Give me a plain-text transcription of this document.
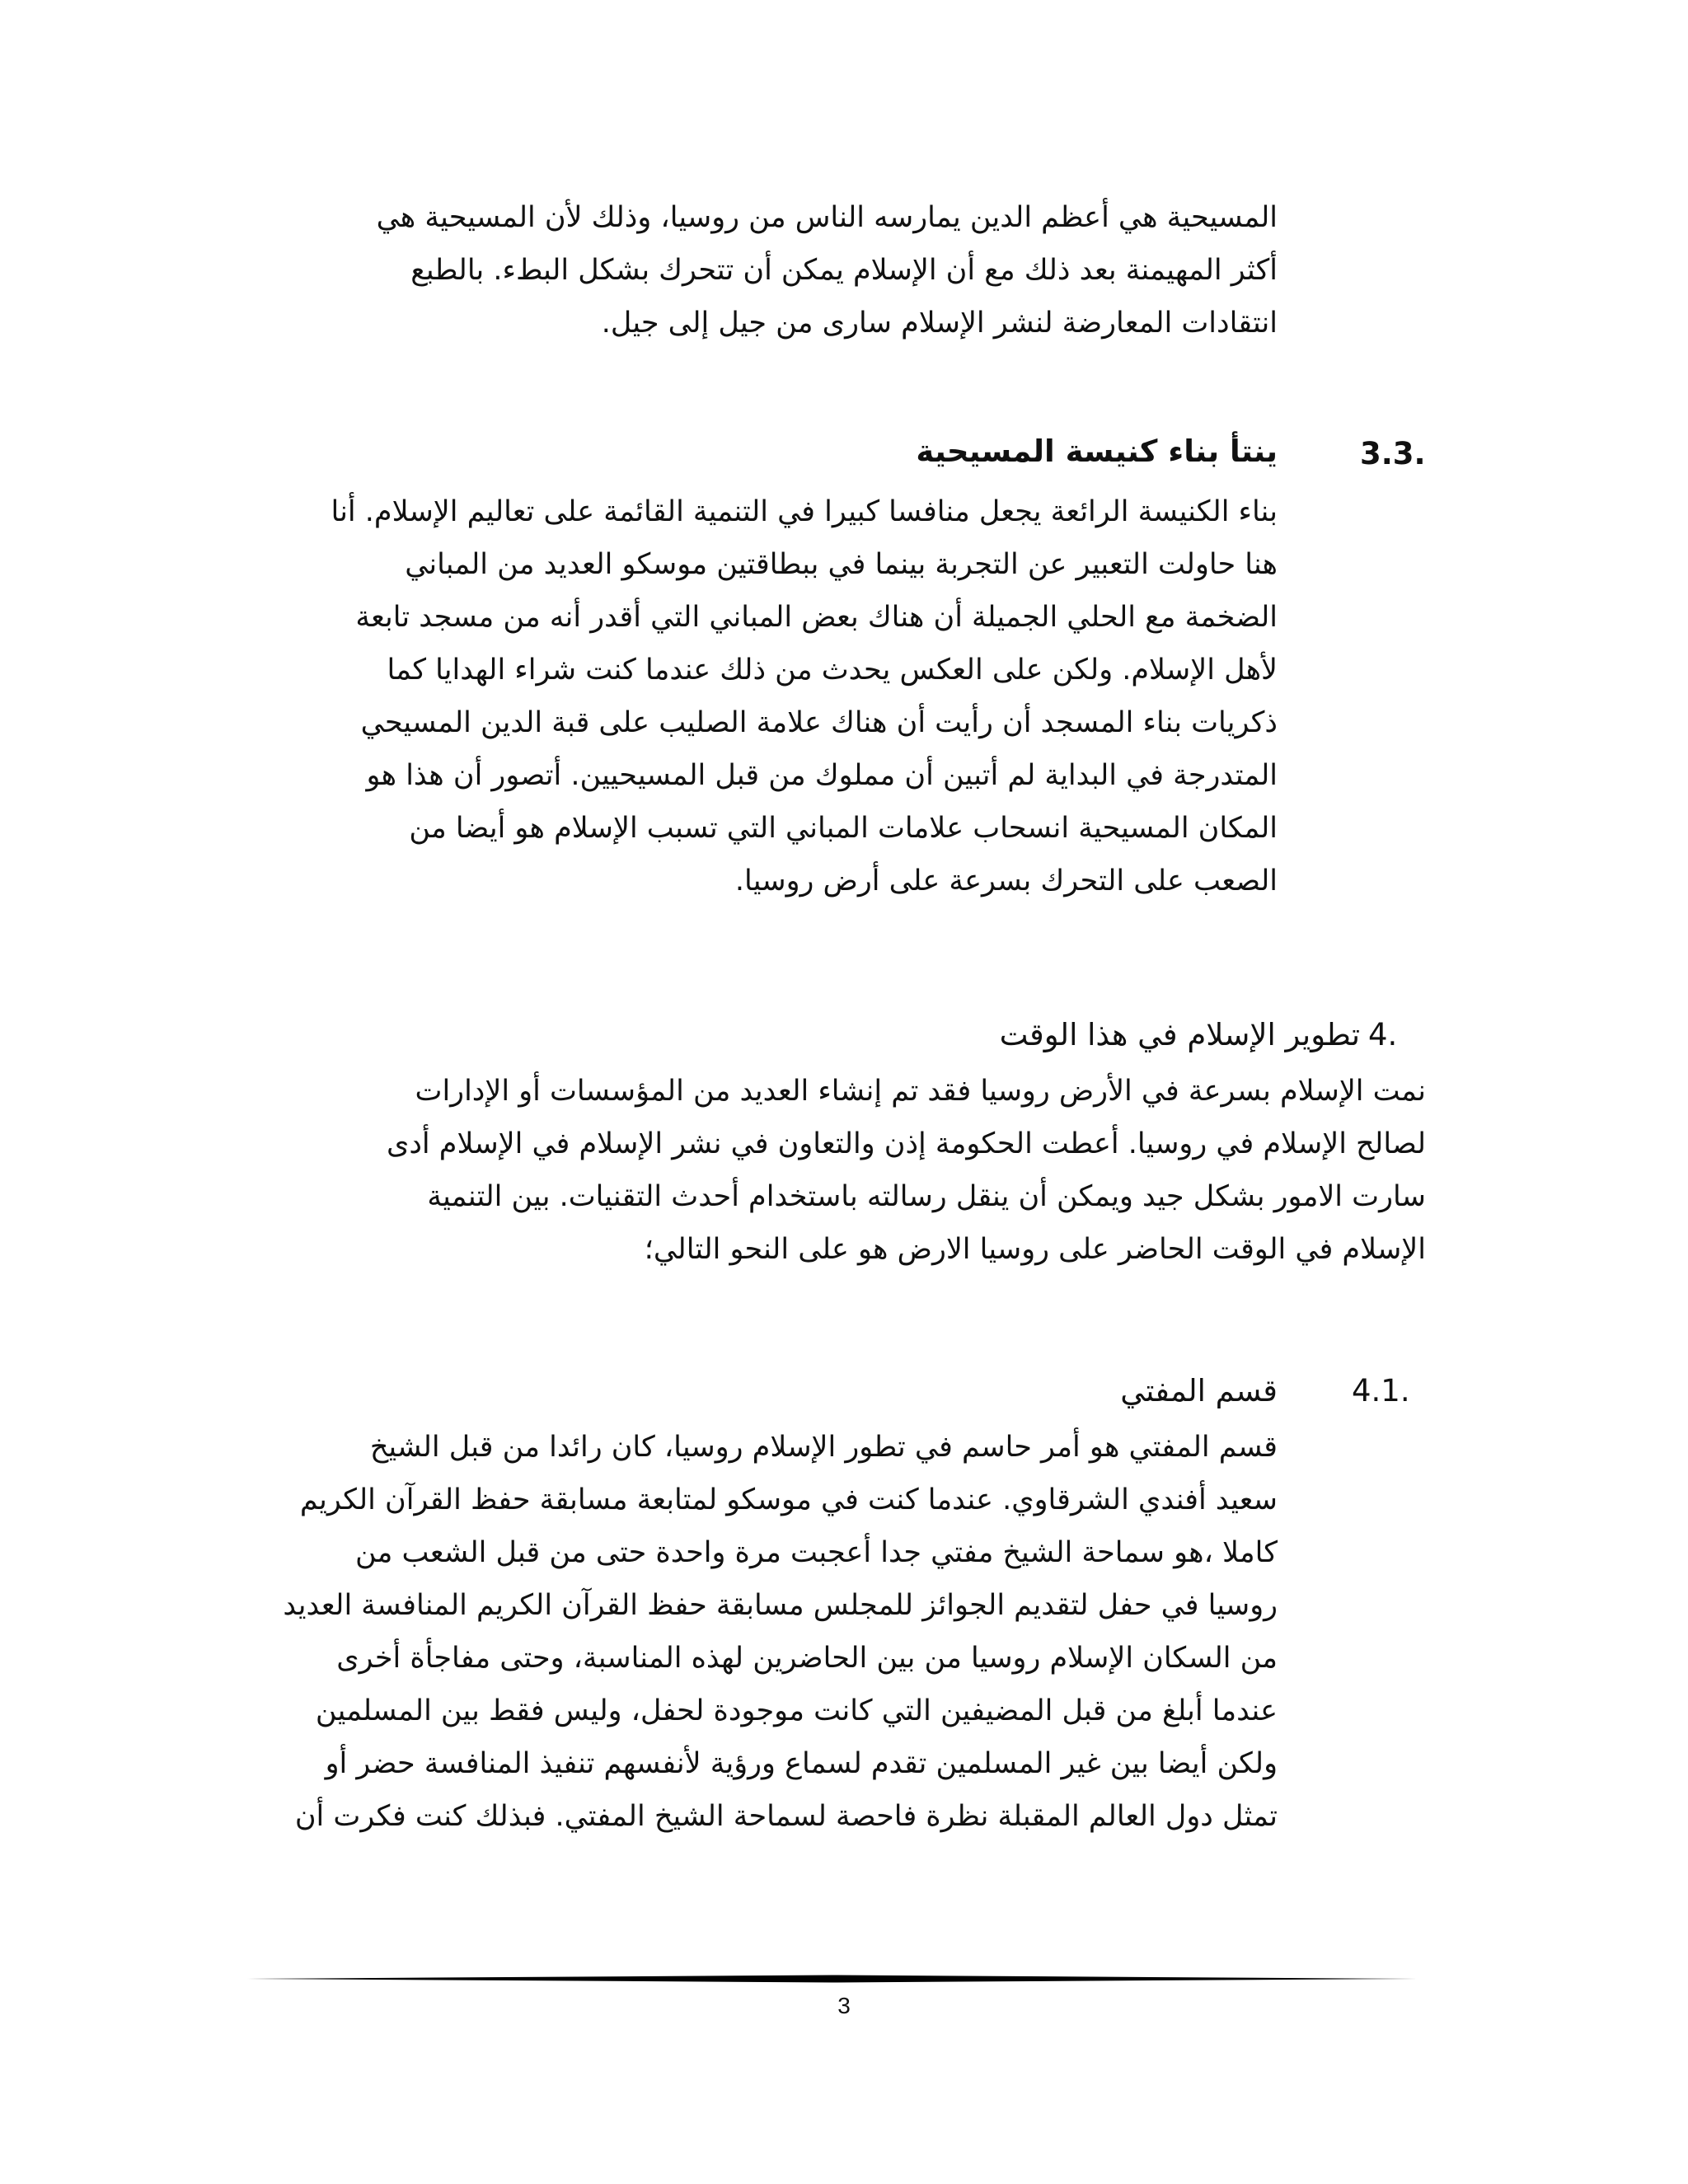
المسيحية هي أعظم الدين يمارسه الناس من روسيا، وذلك لأن المسيحية هي
أكثر المهيمنة بعد ذلك مع أن الإسلام يمكن أن تتحرك بشكل البطء. بالطبع
انتقادات المعارضة لنشر الإسلام سارى من جيل إلى جيل.
3.3.
ينتأ بناء كنيسة المسيحية
بناء الكنيسة الرائعة يجعل منافسا كبيرا في التنمية القائمة على تعاليم الإسلام. أنا
هنا حاولت التعبير عن التجربة بينما في ببطاقتين موسكو العديد من المباني
الضخمة مع الحلي الجميلة أن هناك بعض المباني التي أقدر أنه من مسجد تابعة
لأهل الإسلام. ولكن على العكس يحدث من ذلك عندما كنت شراء الهدايا كما
ذكريات بناء المسجد أن رأيت أن هناك علامة الصليب على قبة الدين المسيحي
المتدرجة في البداية لم أتبين أن مملوك من قبل المسيحيين. أتصور أن هذا هو
المكان المسيحية انسحاب علامات المباني التي تسبب الإسلام هو أيضا من
الصعب على التحرك بسرعة على أرض روسيا.
4.
تطوير الإسلام في هذا الوقت
نمت الإسلام بسرعة في الأرض روسيا فقد تم إنشاء العديد من المؤسسات أو الإدارات
لصالح الإسلام في روسيا. أعطت الحكومة إذن والتعاون في نشر الإسلام في الإسلام أدى
سارت الامور بشكل جيد ويمكن أن ينقل رسالته باستخدام أحدث التقنيات. بين التنمية
الإسلام في الوقت الحاضر على روسيا الارض هو على النحو التالي؛
4.1.
قسم المفتي
قسم المفتي هو أمر حاسم في تطور الإسلام روسيا، كان رائدا من قبل الشيخ
سعيد أفندي الشرقاوي. عندما كنت في موسكو لمتابعة مسابقة حفظ القرآن الكريم
كاملا ،هو سماحة الشيخ مفتي جدا أعجبت مرة واحدة حتى من قبل الشعب من
روسيا في حفل لتقديم الجوائز للمجلس مسابقة حفظ القرآن الكريم المنافسة العديد
من السكان الإسلام روسيا من بين الحاضرين لهذه المناسبة، وحتى مفاجأة أخرى
عندما أبلغ من قبل المضيفين التي كانت موجودة لحفل، وليس فقط بين المسلمين
ولكن أيضا بين غير المسلمين تقدم لسماع ورؤية لأنفسهم تنفيذ المنافسة حضر أو
تمثل دول العالم المقبلة نظرة فاحصة لسماحة الشيخ المفتي. فبذلك كنت فكرت أن
3
